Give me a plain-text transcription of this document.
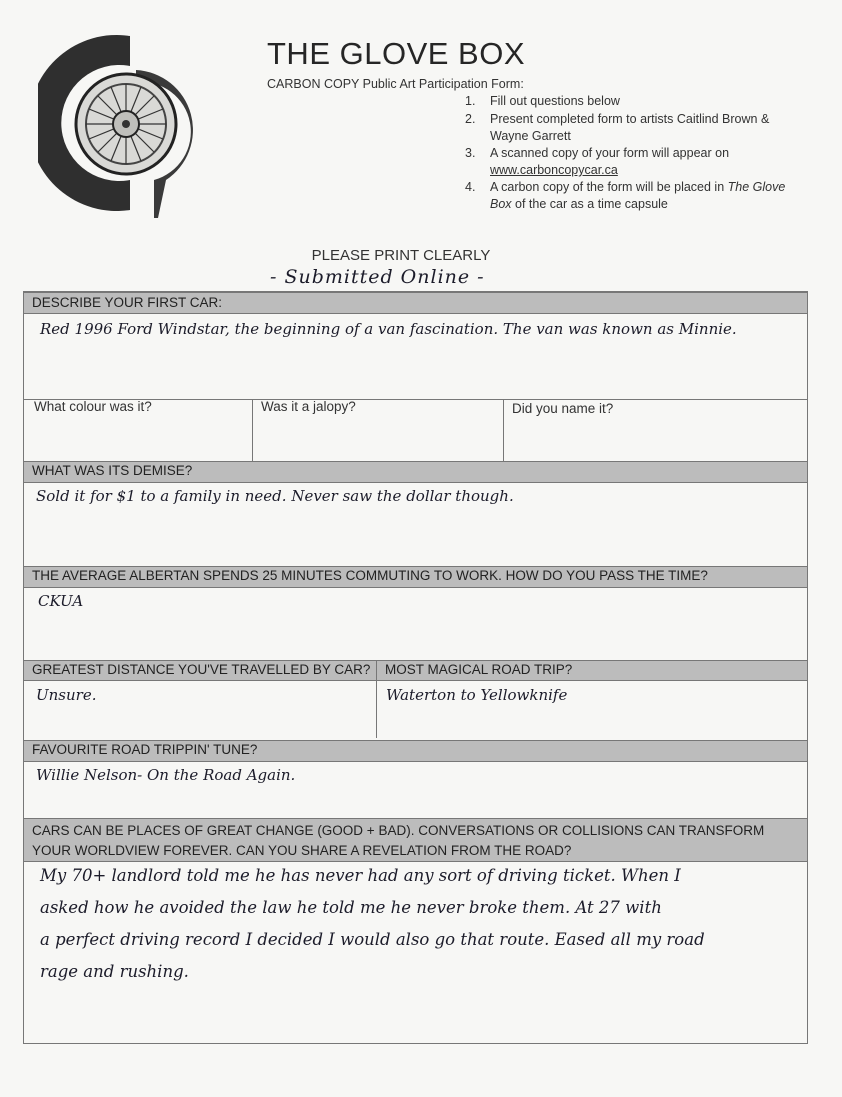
THE GLOVE BOX
CARBON COPY Public Art Participation Form:
1.	Fill out questions below
2.	Present completed form to artists Caitlind Brown & Wayne Garrett
3.	A scanned copy of your form will appear on
www.carboncopycar.ca
4.	A carbon copy of the form will be placed in The Glove Box of the car as a time capsule
PLEASE PRINT CLEARLY
- Submitted Online -
DESCRIBE YOUR FIRST CAR:
Red 1996 Ford Windstar, the beginning of a van fascination. The van was known as Minnie.
What colour was it?	Was it a jalopy?	Did you name it?
WHAT WAS ITS DEMISE?
Sold it for $1 to a family in need. Never saw the dollar though.
THE AVERAGE ALBERTAN SPENDS 25 MINUTES COMMUTING TO WORK. HOW DO YOU PASS THE TIME?
CKUA
GREATEST DISTANCE YOU'VE TRAVELLED BY CAR?	MOST MAGICAL ROAD TRIP?
Unsure.	Waterton to Yellowknife
FAVOURITE ROAD TRIPPIN' TUNE?
Willie Nelson- On the Road Again.
CARS CAN BE PLACES OF GREAT CHANGE (GOOD + BAD). CONVERSATIONS OR COLLISIONS CAN TRANSFORM
YOUR WORLDVIEW FOREVER. CAN YOU SHARE A REVELATION FROM THE ROAD?
My 70+ landlord told me he has never had any sort of driving ticket. When I
asked how he avoided the law he told me he never broke them. At 27 with
a perfect driving record I decided I would also go that route. Eased all my road
rage and rushing.
